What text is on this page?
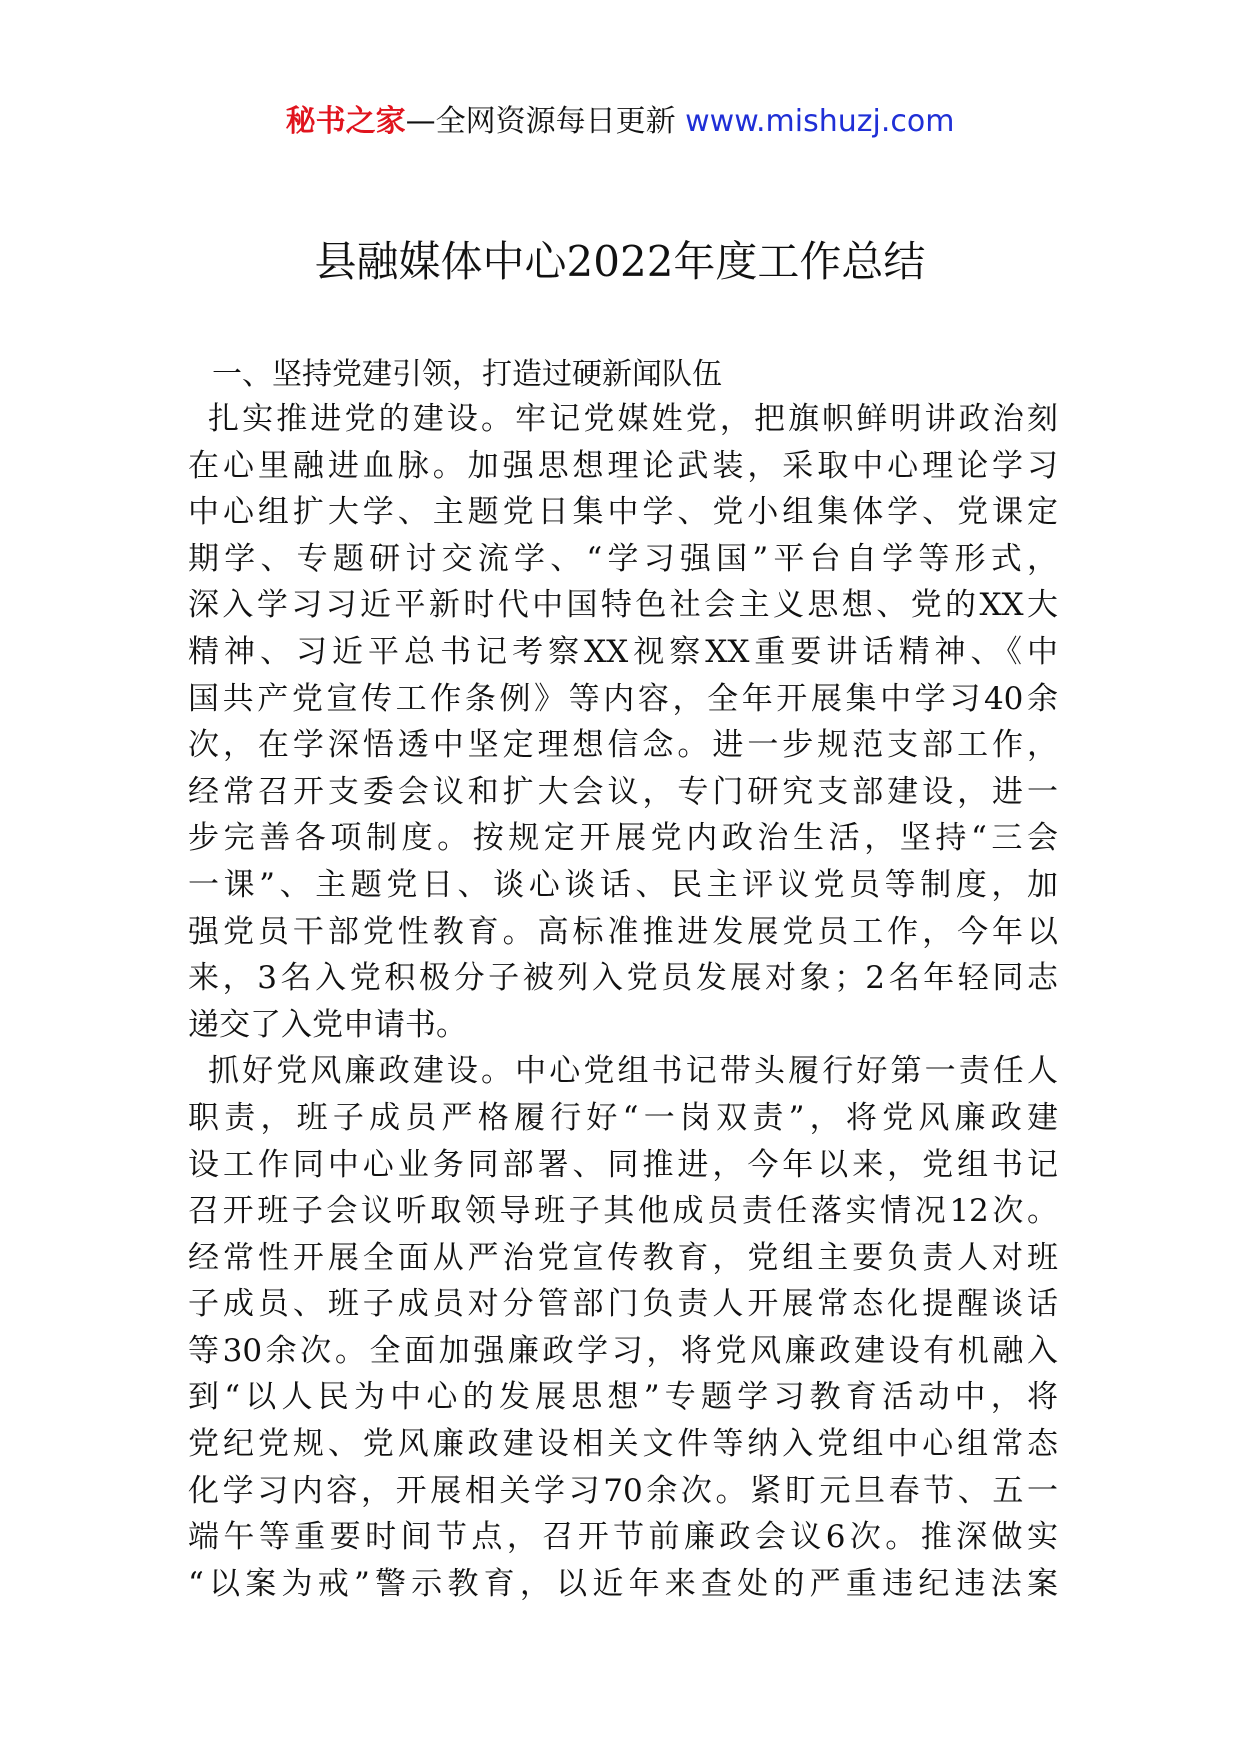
秘书之家—全网资源每日更新 www.mishuzj.com
县融媒体中心2022年度工作总结

一、坚持党建引领，打造过硬新闻队伍

扎实推进党的建设。牢记党媒姓党，把旗帜鲜明讲政治刻
在心里融进血脉。加强思想理论武装，采取中心理论学习
中心组扩大学、主题党日集中学、党小组集体学、党课定
期学、专题研讨交流学、“学习强国”平台自学等形式，
深入学习习近平新时代中国特色社会主义思想、党的XX大
精神、习近平总书记考察XX视察XX重要讲话精神、《中
国共产党宣传工作条例》等内容，全年开展集中学习40余
次，在学深悟透中坚定理想信念。进一步规范支部工作，
经常召开支委会议和扩大会议，专门研究支部建设，进一
步完善各项制度。按规定开展党内政治生活，坚持“三会
一课”、主题党日、谈心谈话、民主评议党员等制度，加
强党员干部党性教育。高标准推进发展党员工作，今年以
来，3名入党积极分子被列入党员发展对象；2名年轻同志
递交了入党申请书。
抓好党风廉政建设。中心党组书记带头履行好第一责任人
职责，班子成员严格履行好“一岗双责”，将党风廉政建
设工作同中心业务同部署、同推进，今年以来，党组书记
召开班子会议听取领导班子其他成员责任落实情况12次。
经常性开展全面从严治党宣传教育，党组主要负责人对班
子成员、班子成员对分管部门负责人开展常态化提醒谈话
等30余次。全面加强廉政学习，将党风廉政建设有机融入
到“以人民为中心的发展思想”专题学习教育活动中，将
党纪党规、党风廉政建设相关文件等纳入党组中心组常态
化学习内容，开展相关学习70余次。紧盯元旦春节、五一
端午等重要时间节点，召开节前廉政会议6次。推深做实
“以案为戒”警示教育，以近年来查处的严重违纪违法案
